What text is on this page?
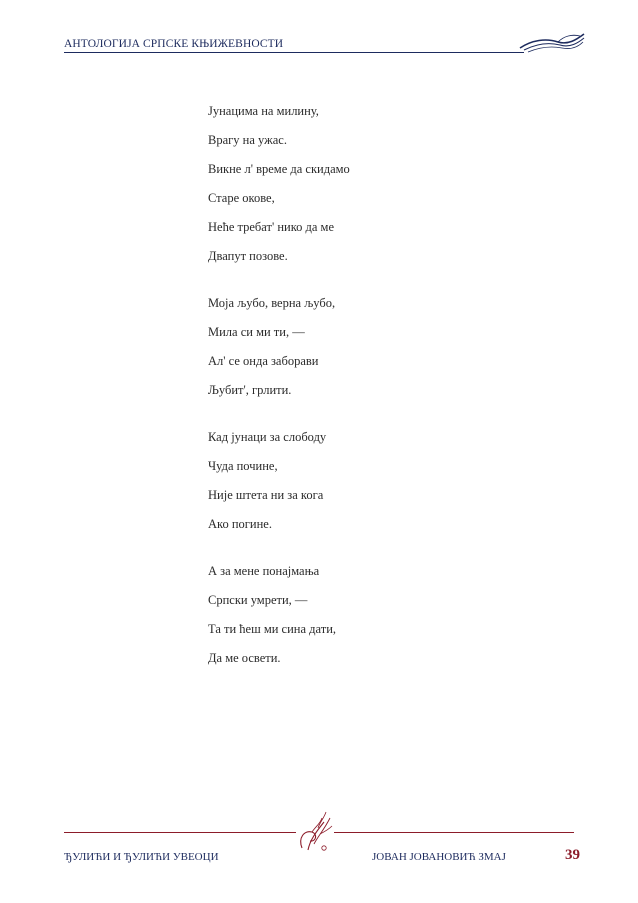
АНТОЛОГИЈА СРПСКЕ КЊИЖЕВНОСТИ
Јунацима на милину,
Врагу на ужас.
Викне л' време да скидамо
Старе окове,
Неће требат' нико да ме
Двапут позове.
Моја љубо, верна љубо,
Мила си ми ти, —
Ал' се онда заборави
Љубит', грлити.
Кад јунаци за слободу
Чуда почине,
Није штета ни за кога
Ако погине.
А за мене понајмања
Српски умрети, —
Та ти ћеш ми сина дати,
Да ме освети.
ЂУЛИЋИ И ЂУЛИЋИ УВЕОЦИ	ЈОВАН ЈОВАНОВИЋ ЗМАЈ	39
